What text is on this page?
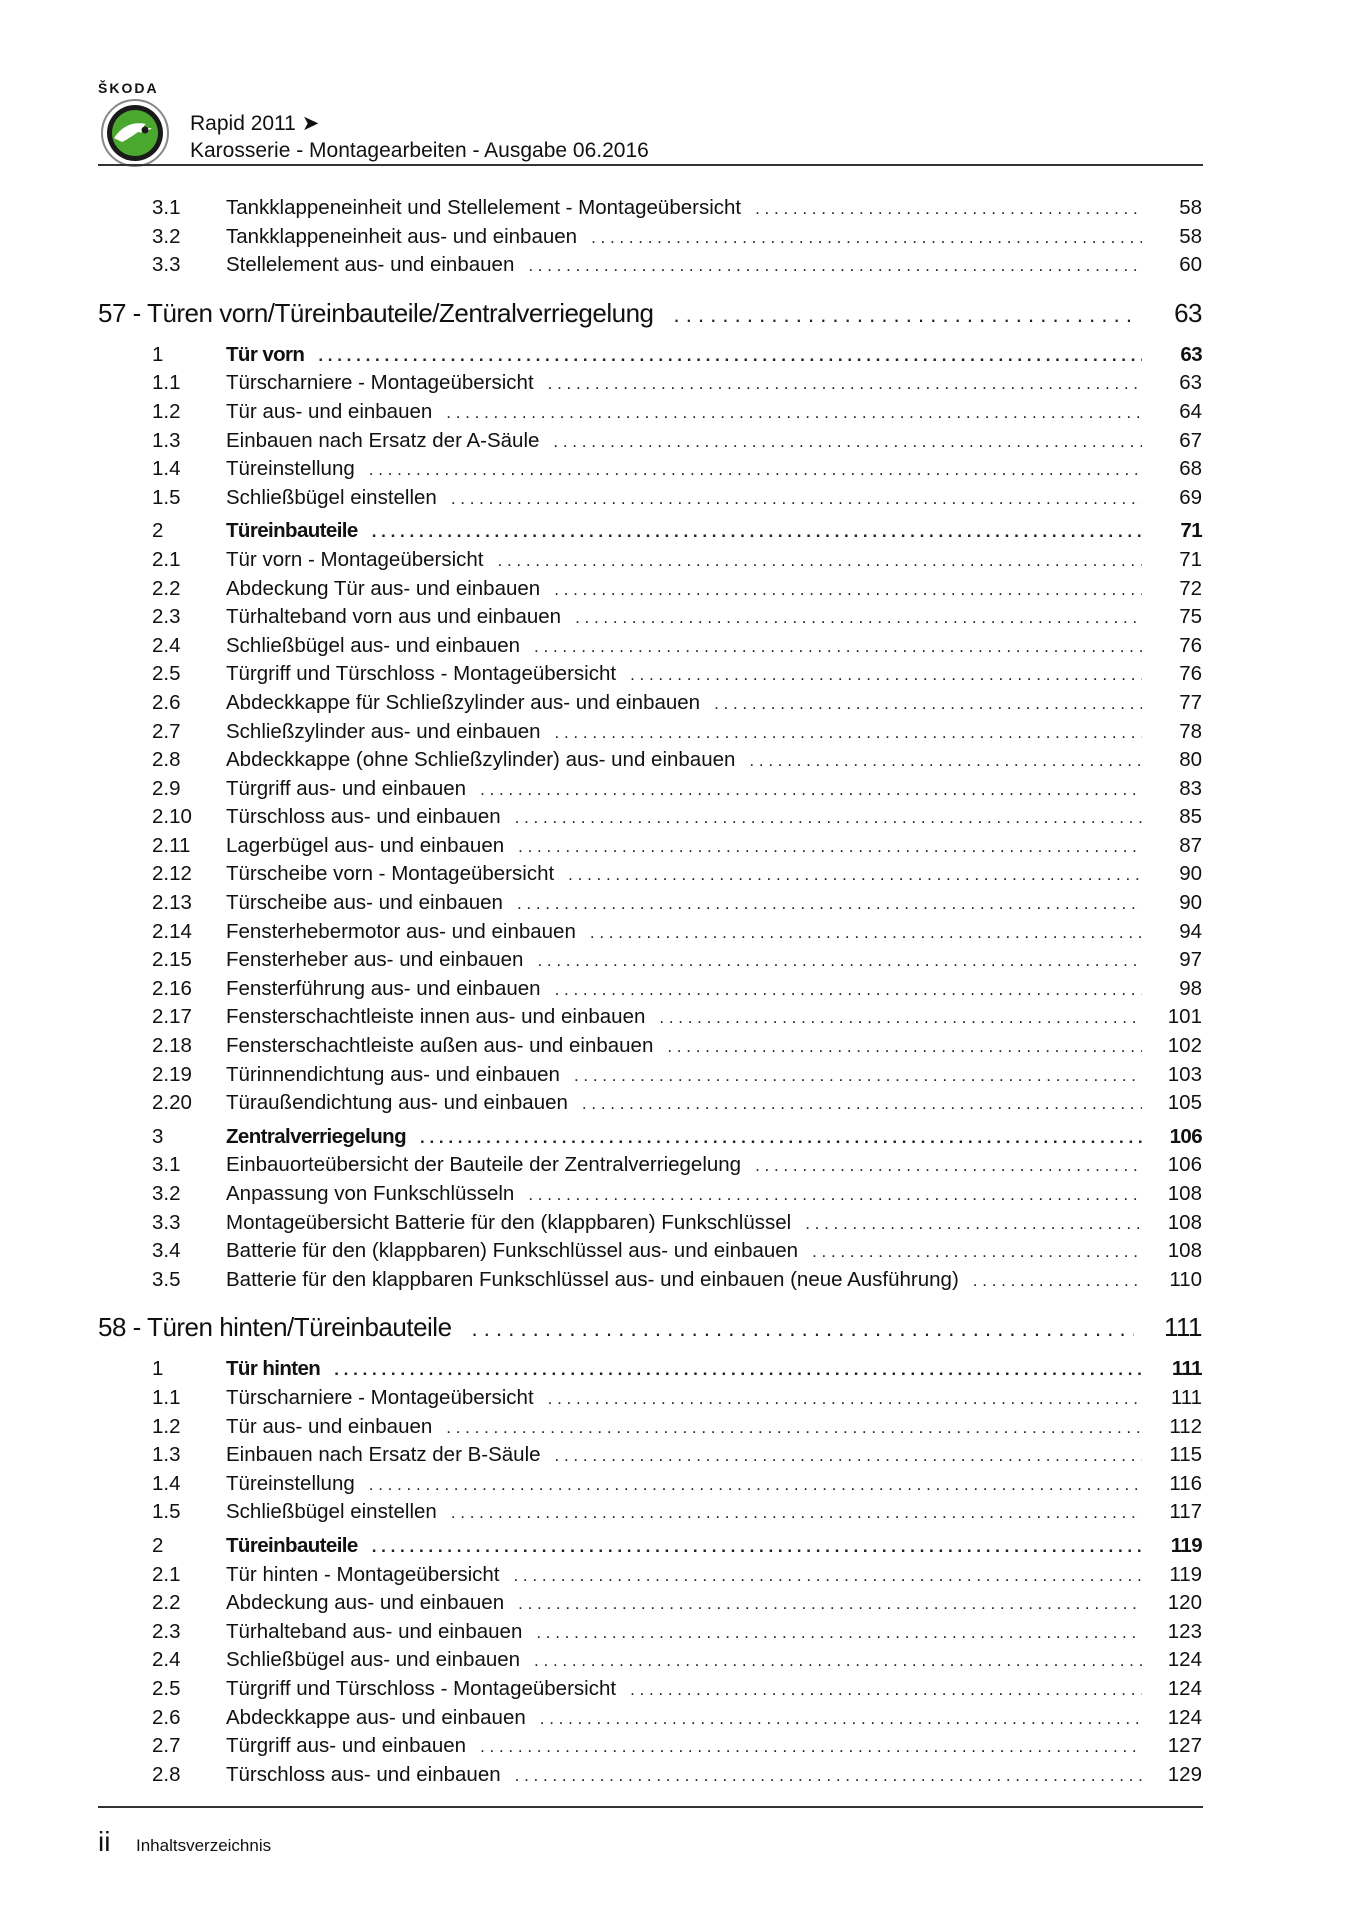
ŠKODA
Rapid 2011 ➤
Karosserie - Montagearbeiten - Ausgabe 06.2016
3.1	Tankklappeneinheit und Stellelement - Montageübersicht . . .	58
3.2	Tankklappeneinheit aus- und einbauen . . .	58
3.3	Stellelement aus- und einbauen . . .	60
57 - Türen vorn/Türeinbauteile/Zentralverriegelung . . .	63
1	Tür vorn . . .	63
1.1	Türscharniere - Montageübersicht . . .	63
1.2	Tür aus- und einbauen . . .	64
1.3	Einbauen nach Ersatz der A-Säule . . .	67
1.4	Türeinstellung . . .	68
1.5	Schließbügel einstellen . . .	69
2	Türeinbauteile . . .	71
2.1	Tür vorn - Montageübersicht . . .	71
2.2	Abdeckung Tür aus- und einbauen . . .	72
2.3	Türhalteband vorn aus und einbauen . . .	75
2.4	Schließbügel aus- und einbauen . . .	76
2.5	Türgriff und Türschloss - Montageübersicht . . .	76
2.6	Abdeckkappe für Schließzylinder aus- und einbauen . . .	77
2.7	Schließzylinder aus- und einbauen . . .	78
2.8	Abdeckkappe (ohne Schließzylinder) aus- und einbauen . . .	80
2.9	Türgriff aus- und einbauen . . .	83
2.10	Türschloss aus- und einbauen . . .	85
2.11	Lagerbügel aus- und einbauen . . .	87
2.12	Türscheibe vorn - Montageübersicht . . .	90
2.13	Türscheibe aus- und einbauen . . .	90
2.14	Fensterhebermotor aus- und einbauen . . .	94
2.15	Fensterheber aus- und einbauen . . .	97
2.16	Fensterführung aus- und einbauen . . .	98
2.17	Fensterschachtleiste innen aus- und einbauen . . .	101
2.18	Fensterschachtleiste außen aus- und einbauen . . .	102
2.19	Türinnendichtung aus- und einbauen . . .	103
2.20	Türaußendichtung aus- und einbauen . . .	105
3	Zentralverriegelung . . .	106
3.1	Einbauorteübersicht der Bauteile der Zentralverriegelung . . .	106
3.2	Anpassung von Funkschlüsseln . . .	108
3.3	Montageübersicht Batterie für den (klappbaren) Funkschlüssel . . .	108
3.4	Batterie für den (klappbaren) Funkschlüssel aus- und einbauen . . .	108
3.5	Batterie für den klappbaren Funkschlüssel aus- und einbauen (neue Ausführung) . . .	110
58 - Türen hinten/Türeinbauteile . . .	111
1	Tür hinten . . .	111
1.1	Türscharniere - Montageübersicht . . .	111
1.2	Tür aus- und einbauen . . .	112
1.3	Einbauen nach Ersatz der B-Säule . . .	115
1.4	Türeinstellung . . .	116
1.5	Schließbügel einstellen . . .	117
2	Türeinbauteile . . .	119
2.1	Tür hinten - Montageübersicht . . .	119
2.2	Abdeckung aus- und einbauen . . .	120
2.3	Türhalteband aus- und einbauen . . .	123
2.4	Schließbügel aus- und einbauen . . .	124
2.5	Türgriff und Türschloss - Montageübersicht . . .	124
2.6	Abdeckkappe aus- und einbauen . . .	124
2.7	Türgriff aus- und einbauen . . .	127
2.8	Türschloss aus- und einbauen . . .	129
ii Inhaltsverzeichnis
